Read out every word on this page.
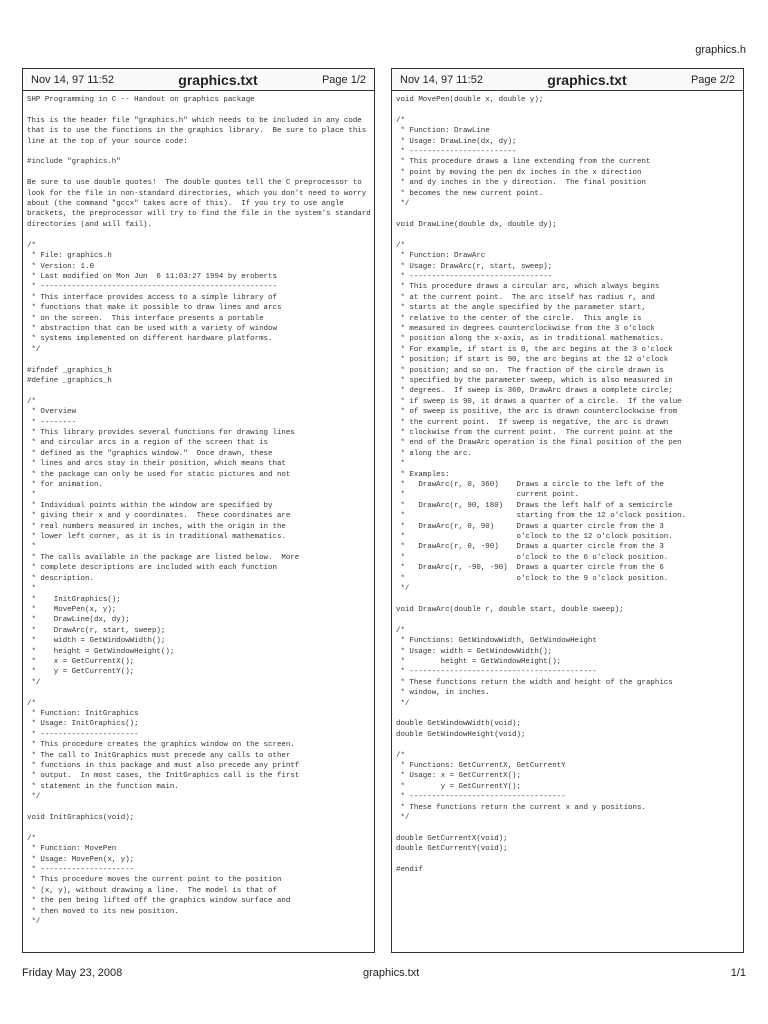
graphics.h
Nov 14, 97 11:52	graphics.txt	Page 1/2
SHP Programming in C -- Handout on graphics package

This is the header file "graphics.h" which needs to be included in any code
that is to use the functions in the graphics library.  Be sure to place this
line at the top of your source code:

#include "graphics.h"

Be sure to use double quotes!  The double quotes tell the C preprocessor to
look for the file in non-standard directories, which you don't need to worry
about (the command "gccx" takes acre of this).  If you try to use angle
brackets, the preprocessor will try to find the file in the system's standard
directories (and will fail).

/*
* File: graphics.h
* Version: 1.0
* Last modified on Mon Jun  6 11:03:27 1994 by eroberts
* -----------------------------------------------------
* This interface provides access to a simple library of
* functions that make it possible to draw lines and arcs
* on the screen.  This interface presents a portable
* abstraction that can be used with a variety of window
* systems implemented on different hardware platforms.
*/

#ifndef _graphics_h
#define _graphics_h

/*
* Overview
* --------
* This library provides several functions for drawing lines
* and circular arcs in a region of the screen that is
* defined as the "graphics window."  Once drawn, these
* lines and arcs stay in their position, which means that
* the package can only be used for static pictures and not
* for animation.
*
* Individual points within the window are specified by
* giving their x and y coordinates.  These coordinates are
* real numbers measured in inches, with the origin in the
* lower left corner, as it is in traditional mathematics.
*
* The calls available in the package are listed below.  More
* complete descriptions are included with each function
* description.
*
*    InitGraphics();
*    MovePen(x, y);
*    DrawLine(dx, dy);
*    DrawArc(r, start, sweep);
*    width = GetWindowWidth();
*    height = GetWindowHeight();
*    x = GetCurrentX();
*    y = GetCurrentY();
*/

/*
* Function: InitGraphics
* Usage: InitGraphics();
* ----------------------
* This procedure creates the graphics window on the screen.
* The call to InitGraphics must precede any calls to other
* functions in this package and must also precede any printf
* output.  In most cases, the InitGraphics call is the first
* statement in the function main.
*/

void InitGraphics(void);

/*
* Function: MovePen
* Usage: MovePen(x, y);
* ---------------------
* This procedure moves the current point to the position
* (x, y), without drawing a line.  The model is that of
* the pen being lifted off the graphics window surface and
* then moved to its new position.
*/
Nov 14, 97 11:52	graphics.txt	Page 2/2
void MovePen(double x, double y);

/*
* Function: DrawLine
* Usage: DrawLine(dx, dy);
* ------------------------
* This procedure draws a line extending from the current
* point by moving the pen dx inches in the x direction
* and dy inches in the y direction.  The final position
* becomes the new current point.
*/

void DrawLine(double dx, double dy);

/*
* Function: DrawArc
* Usage: DrawArc(r, start, sweep);
* --------------------------------
* This procedure draws a circular arc, which always begins
* at the current point.  The arc itself has radius r, and
* starts at the angle specified by the parameter start,
* relative to the center of the circle.  This angle is
* measured in degrees counterclockwise from the 3 o'clock
* position along the x-axis, as in traditional mathematics.
* For example, if start is 0, the arc begins at the 3 o'clock
* position; if start is 90, the arc begins at the 12 o'clock
* position; and so on.  The fraction of the circle drawn is
* specified by the parameter sweep, which is also measured in
* degrees.  If sweep is 360, DrawArc draws a complete circle;
* if sweep is 90, it draws a quarter of a circle.  If the value
* of sweep is positive, the arc is drawn counterclockwise from
* the current point.  If sweep is negative, the arc is drawn
* clockwise from the current point.  The current point at the
* end of the DrawArc operation is the final position of the pen
* along the arc.
*
* Examples:
*   DrawArc(r, 0, 360)    Draws a circle to the left of the
*                         current point.
*   DrawArc(r, 90, 180)   Draws the left half of a semicircle
*                         starting from the 12 o'clock position.
*   DrawArc(r, 0, 90)     Draws a quarter circle from the 3
*                         o'clock to the 12 o'clock position.
*   DrawArc(r, 0, -90)    Draws a quarter circle from the 3
*                         o'clock to the 6 o'clock position.
*   DrawArc(r, -90, -90)  Draws a quarter circle from the 6
*                         o'clock to the 9 o'clock position.
*/

void DrawArc(double r, double start, double sweep);

/*
* Functions: GetWindowWidth, GetWindowHeight
* Usage: width = GetWindowWidth();
*        height = GetWindowHeight();
* ------------------------------------------
* These functions return the width and height of the graphics
* window, in inches.
*/

double GetWindowWidth(void);
double GetWindowHeight(void);

/*
* Functions: GetCurrentX, GetCurrentY
* Usage: x = GetCurrentX();
*        y = GetCurrentY();
* -----------------------------------
* These functions return the current x and y positions.
*/

double GetCurrentX(void);
double GetCurrentY(void);

#endif
Friday May 23, 2008	graphics.txt	1/1
